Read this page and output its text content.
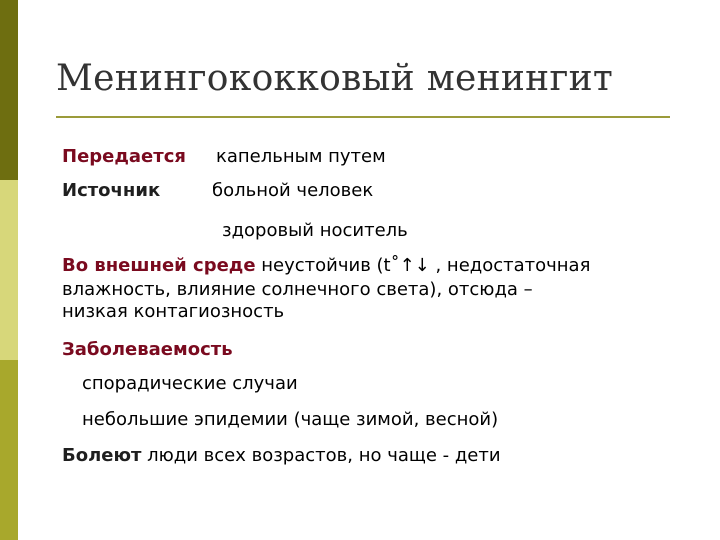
Менингококковый менингит
Передается капельным путем
Источник	больной человек
здоровый носитель
Во внешней среде неустойчив (t˚↑↓ , недостаточная
влажность, влияние солнечного света), отсюда –
низкая контагиозность
Заболеваемость
спорадические случаи
небольшие эпидемии (чаще зимой, весной)
Болеют люди всех возрастов, но чаще - дети
